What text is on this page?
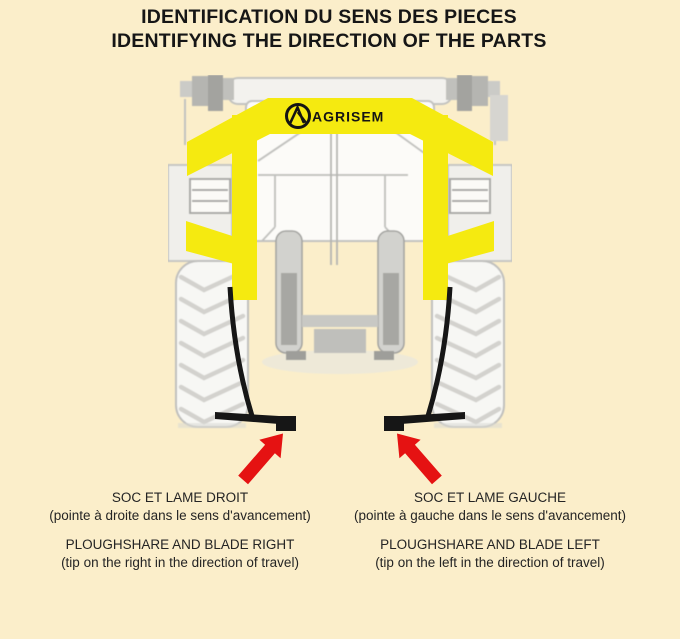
IDENTIFICATION DU SENS DES PIECES
IDENTIFYING THE DIRECTION OF THE PARTS
AGRISEM

SOC ET LAME DROIT

(pointe à droite dans le sens d'avancement)

PLOUGHSHARE AND BLADE RIGHT

(tip on the right in the direction of travel)

SOC ET LAME GAUCHE

(pointe à gauche dans le sens d'avancement)

PLOUGHSHARE AND BLADE LEFT

(tip on the left in the direction of travel)
